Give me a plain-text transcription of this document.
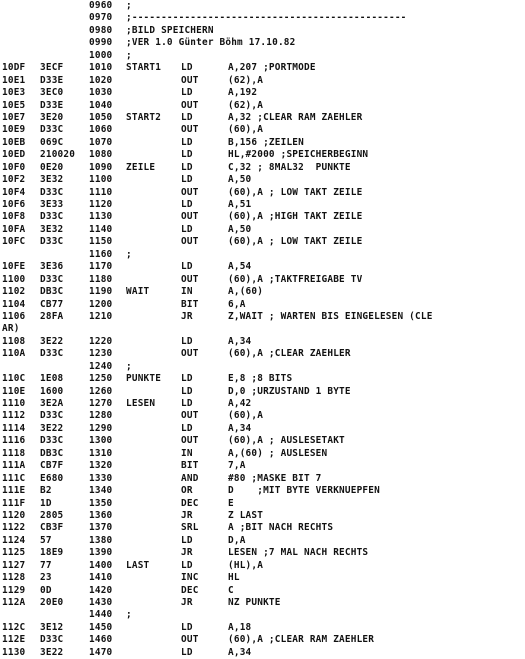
0960 ;
0970 ;-----------------------------------------------
0980 ;BILD SPEICHERN
0990 ;VER 1.0 Günter Böhm 17.10.82
1000 ;
10DF 3ECF	1010 START1 LD	A,207 ;PORTMODE
10E1 D33E	1020	OUT	(62),A
10E3 3EC0	1030	LD	A,192
10E5 D33E	1040	OUT	(62),A
10E7 3E20	1050 START2 LD	A,32 ;CLEAR RAM ZAEHLER
10E9 D33C	1060	OUT	(60),A
10EB 069C	1070	LD	B,156 ;ZEILEN
10ED 210020 1080	LD	HL,#2000 ;SPEICHERBEGINN
10F0 0E20	1090 ZEILE	LD	C,32 ; 8MAL32  PUNKTE
10F2 3E32	1100	LD	A,50
10F4 D33C	1110	OUT	(60),A ; LOW TAKT ZEILE
10F6 3E33	1120	LD	A,51
10F8 D33C	1130	OUT	(60),A ;HIGH TAKT ZEILE
10FA 3E32	1140	LD	A,50
10FC D33C	1150	OUT	(60),A ; LOW TAKT ZEILE
1160 ;
10FE 3E36	1170	LD	A,54
1100 D33C	1180	OUT	(60),A ;TAKTFREIGABE TV
1102 DB3C	1190 WAIT	IN	A,(60)
1104 CB77	1200	BIT	6,A
1106 28FA	1210	JR	Z,WAIT ; WARTEN BIS EINGELESEN (CLE
AR)
1108 3E22	1220	LD	A,34
110A D33C	1230	OUT	(60),A ;CLEAR ZAEHLER
1240 ;
110C 1E08	1250 PUNKTE LD	E,8 ;8 BITS
110E 1600	1260	LD	D,0 ;URZUSTAND 1 BYTE
1110 3E2A	1270 LESEN	LD	A,42
1112 D33C	1280	OUT	(60),A
1114 3E22	1290	LD	A,34
1116 D33C	1300	OUT	(60),A ; AUSLESETAKT
1118 DB3C	1310	IN	A,(60) ; AUSLESEN
111A CB7F	1320	BIT	7,A
111C E680	1330	AND	#80 ;MASKE BIT 7
111E B2	1340	OR	D    ;MIT BYTE VERKNUEPFEN
111F 1D	1350	DEC	E
1120 2805	1360	JR	Z LAST
1122 CB3F	1370	SRL	A ;BIT NACH RECHTS
1124 57	1380	LD	D,A
1125 18E9	1390	JR	LESEN ;7 MAL NACH RECHTS
1127 77	1400 LAST	LD	(HL),A
1128 23	1410	INC	HL
1129 0D	1420	DEC	C
112A 20E0	1430	JR	NZ PUNKTE
1440 ;
112C 3E12	1450	LD	A,18
112E D33C	1460	OUT	(60),A ;CLEAR RAM ZAEHLER
1130 3E22	1470	LD	A,34
